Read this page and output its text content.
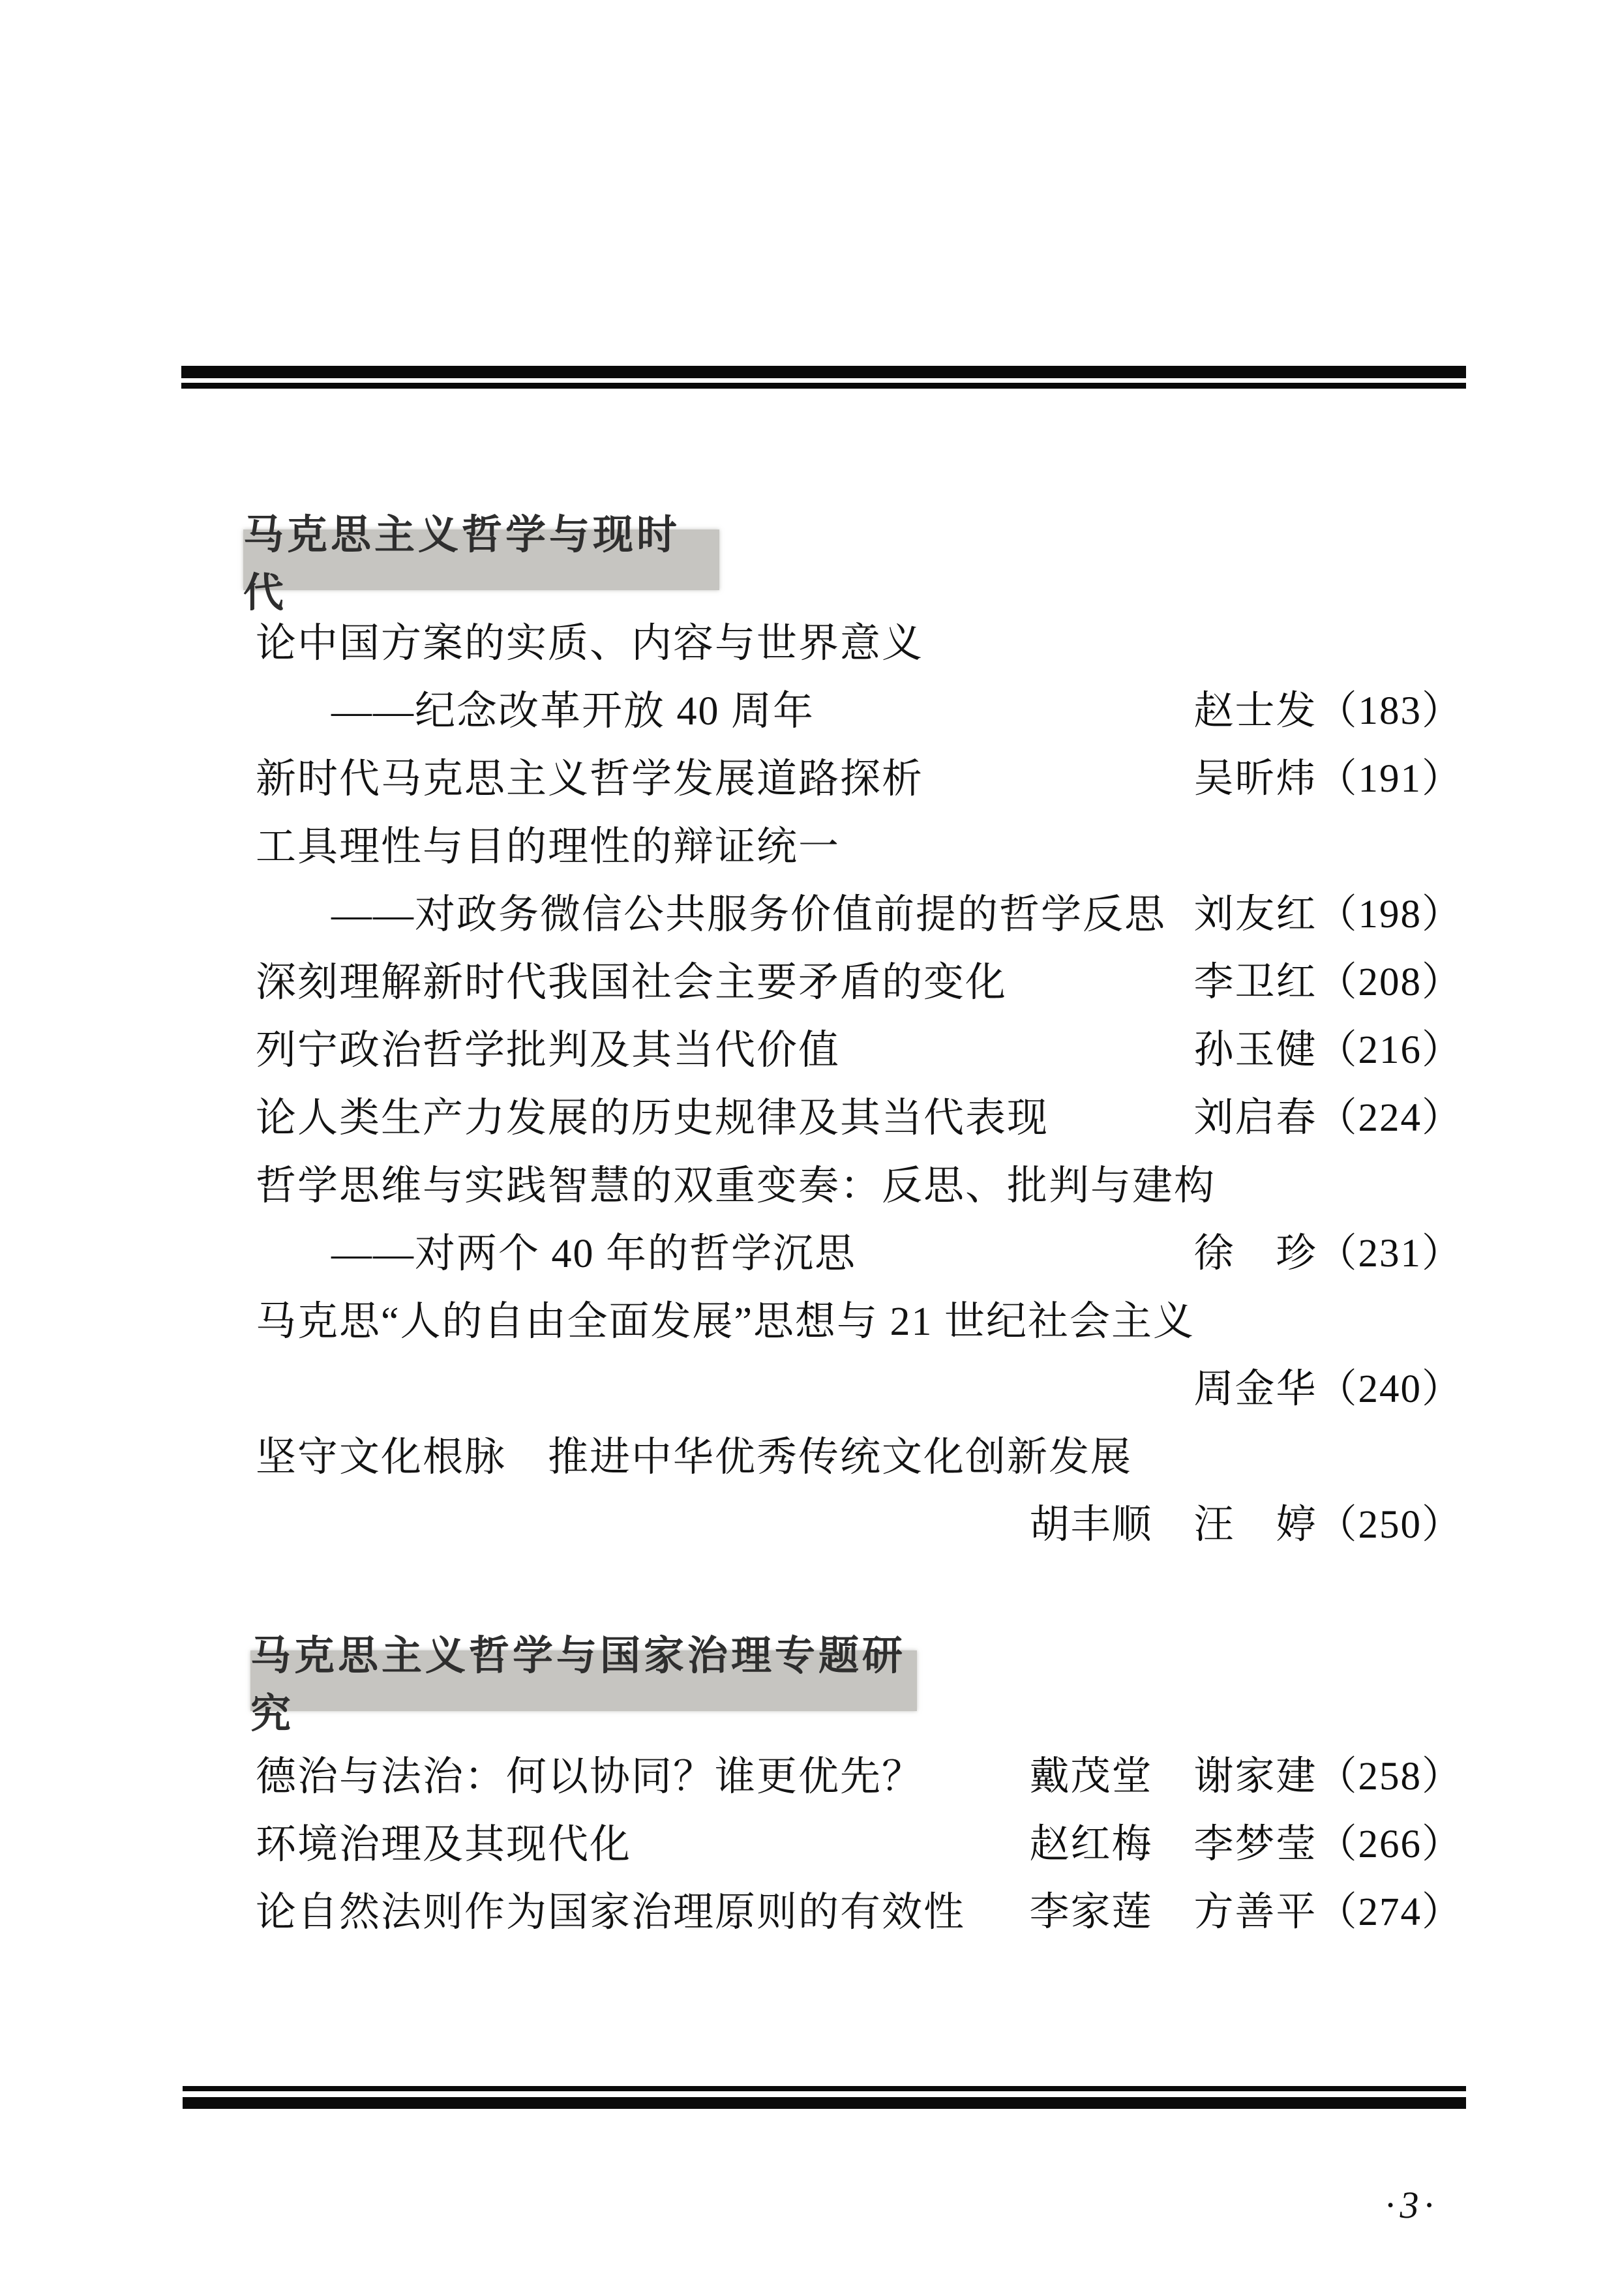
马克思主义哲学与现时代
论中国方案的实质、内容与世界意义
——纪念改革开放 40 周年	赵士发（183）
新时代马克思主义哲学发展道路探析	吴昕炜（191）
工具理性与目的理性的辩证统一
——对政务微信公共服务价值前提的哲学反思 刘友红（198）
深刻理解新时代我国社会主要矛盾的变化	李卫红（208）
列宁政治哲学批判及其当代价值	孙玉健（216）
论人类生产力发展的历史规律及其当代表现	刘启春（224）
哲学思维与实践智慧的双重变奏：反思、批判与建构
——对两个 40 年的哲学沉思	徐　珍（231）
马克思“人的自由全面发展”思想与 21 世纪社会主义
周金华（240）
坚守文化根脉　推进中华优秀传统文化创新发展
胡丰顺　汪　婷（250）
马克思主义哲学与国家治理专题研究
德治与法治：何以协同？谁更优先？	戴茂堂　谢家建（258）
环境治理及其现代化	赵红梅　李梦莹（266）
论自然法则作为国家治理原则的有效性 李家莲　方善平（274）
·3·
